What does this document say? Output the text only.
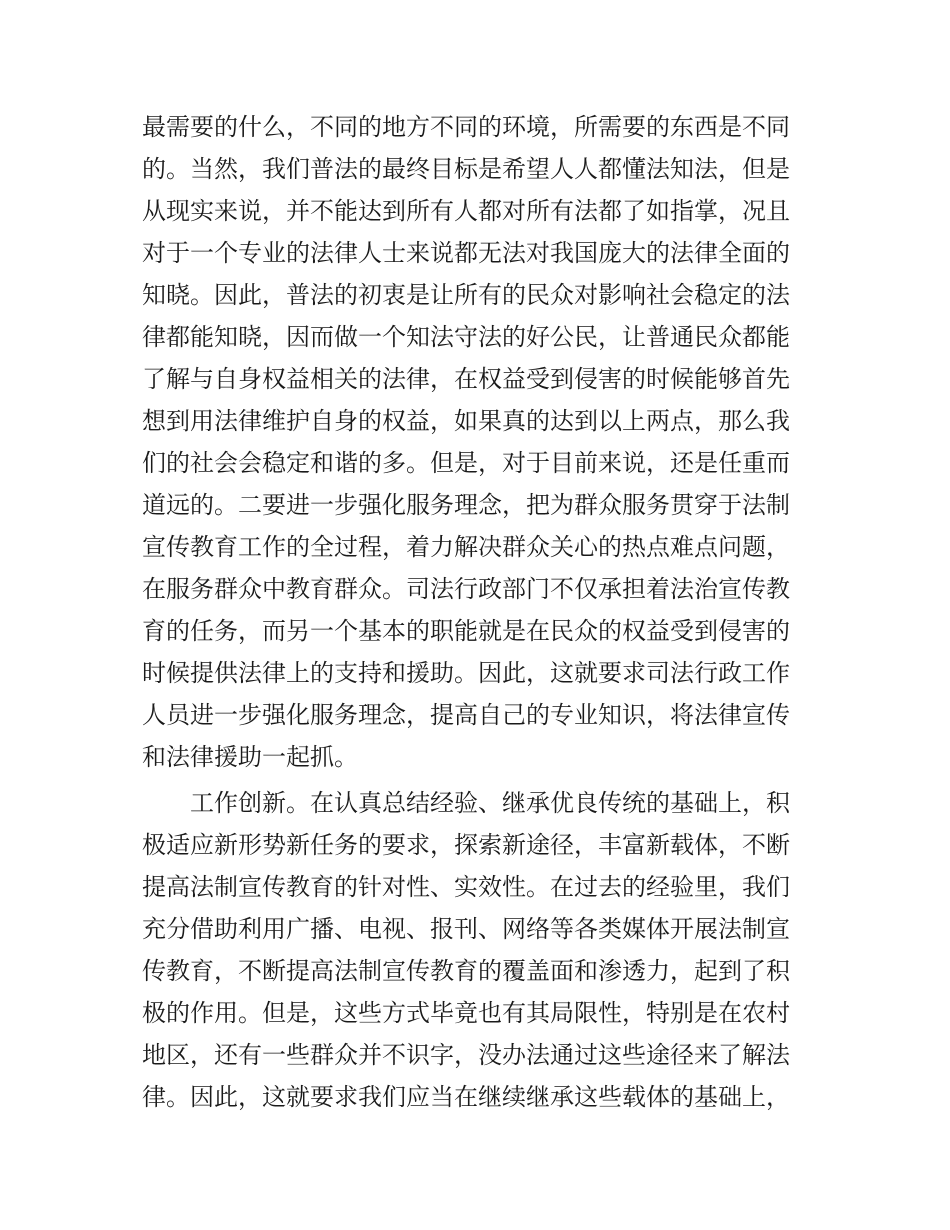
最需要的什么，不同的地方不同的环境，所需要的东西是不同
的。当然，我们普法的最终目标是希望人人都懂法知法，但是
从现实来说，并不能达到所有人都对所有法都了如指掌，况且
对于一个专业的法律人士来说都无法对我国庞大的法律全面的
知晓。因此，普法的初衷是让所有的民众对影响社会稳定的法
律都能知晓，因而做一个知法守法的好公民，让普通民众都能
了解与自身权益相关的法律，在权益受到侵害的时候能够首先
想到用法律维护自身的权益，如果真的达到以上两点，那么我
们的社会会稳定和谐的多。但是，对于目前来说，还是任重而
道远的。二要进一步强化服务理念，把为群众服务贯穿于法制
宣传教育工作的全过程，着力解决群众关心的热点难点问题，
在服务群众中教育群众。司法行政部门不仅承担着法治宣传教
育的任务，而另一个基本的职能就是在民众的权益受到侵害的
时候提供法律上的支持和援助。因此，这就要求司法行政工作
人员进一步强化服务理念，提高自己的专业知识，将法律宣传
和法律援助一起抓。
工作创新。在认真总结经验、继承优良传统的基础上，积
极适应新形势新任务的要求，探索新途径，丰富新载体，不断
提高法制宣传教育的针对性、实效性。在过去的经验里，我们
充分借助利用广播、电视、报刊、网络等各类媒体开展法制宣
传教育，不断提高法制宣传教育的覆盖面和渗透力，起到了积
极的作用。但是，这些方式毕竟也有其局限性，特别是在农村
地区，还有一些群众并不识字，没办法通过这些途径来了解法
律。因此，这就要求我们应当在继续继承这些载体的基础上，
